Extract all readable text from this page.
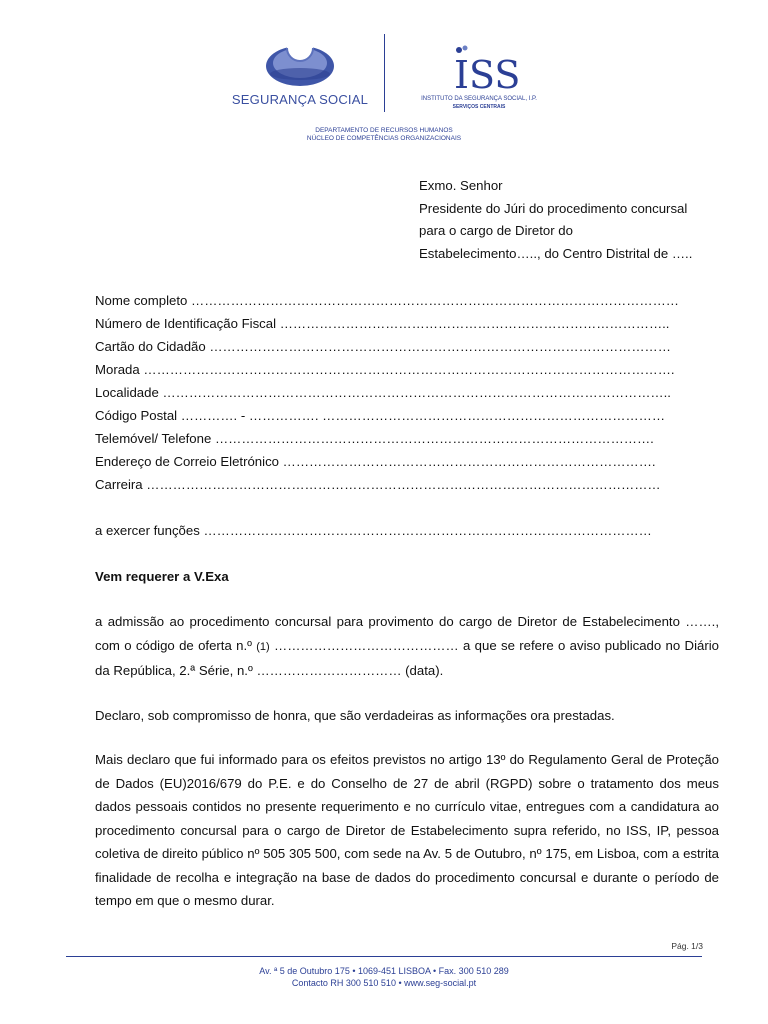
SEGURANÇA SOCIAL
ISS
INSTITUTO DA SEGURANÇA SOCIAL, I.P.
SERVIÇOS CENTRAIS
DEPARTAMENTO DE RECURSOS HUMANOS
NÚCLEO DE COMPETÊNCIAS ORGANIZACIONAIS
Exmo. Senhor
Presidente do Júri do procedimento concursal
para o cargo de Diretor do
Estabelecimento….., do Centro Distrital de …..
Nome completo …………………………………………………………………………………………………
Número de Identificação Fiscal ……………………………………………………………………………..
Cartão do Cidadão ……………………………………………………………………………………………
Morada ………………………………………………………………………………………………………….
Localidade ……………………………………………………………………………………………………..
Código Postal …………. - ……………. ……………………………………………………………………
Telemóvel/ Telefone ……………………………………………………………………………………….
Endereço de Correio Eletrónico ………………………………………………………………………….
Carreira ………………………………………………………………………………………………………
a exercer funções …………………………………………………………………………………………
Vem requerer a V.Exa
a admissão ao procedimento concursal para provimento do cargo de Diretor de Estabelecimento ……., com o código de oferta n.º (1) …………………………………… a que se refere o aviso publicado no Diário da República, 2.ª Série, n.º …………………………… (data).
Declaro, sob compromisso de honra, que são verdadeiras as informações ora prestadas.
Mais declaro que fui informado para os efeitos previstos no artigo 13º do Regulamento Geral de Proteção de Dados (EU)2016/679 do P.E. e do Conselho de 27 de abril (RGPD) sobre o tratamento dos meus dados pessoais contidos no presente requerimento e no currículo vitae, entregues com a candidatura ao procedimento concursal para o cargo de Diretor de Estabelecimento supra referido, no ISS, IP, pessoa coletiva de direito público nº 505 305 500, com sede na Av. 5 de Outubro, nº 175, em Lisboa, com a estrita finalidade de recolha e integração na base de dados do procedimento concursal e durante o período de tempo em que o mesmo durar.
Pág. 1/3
Av. ª 5 de Outubro 175 • 1069-451 LISBOA • Fax. 300 510 289
Contacto RH 300 510 510 • www.seg-social.pt
